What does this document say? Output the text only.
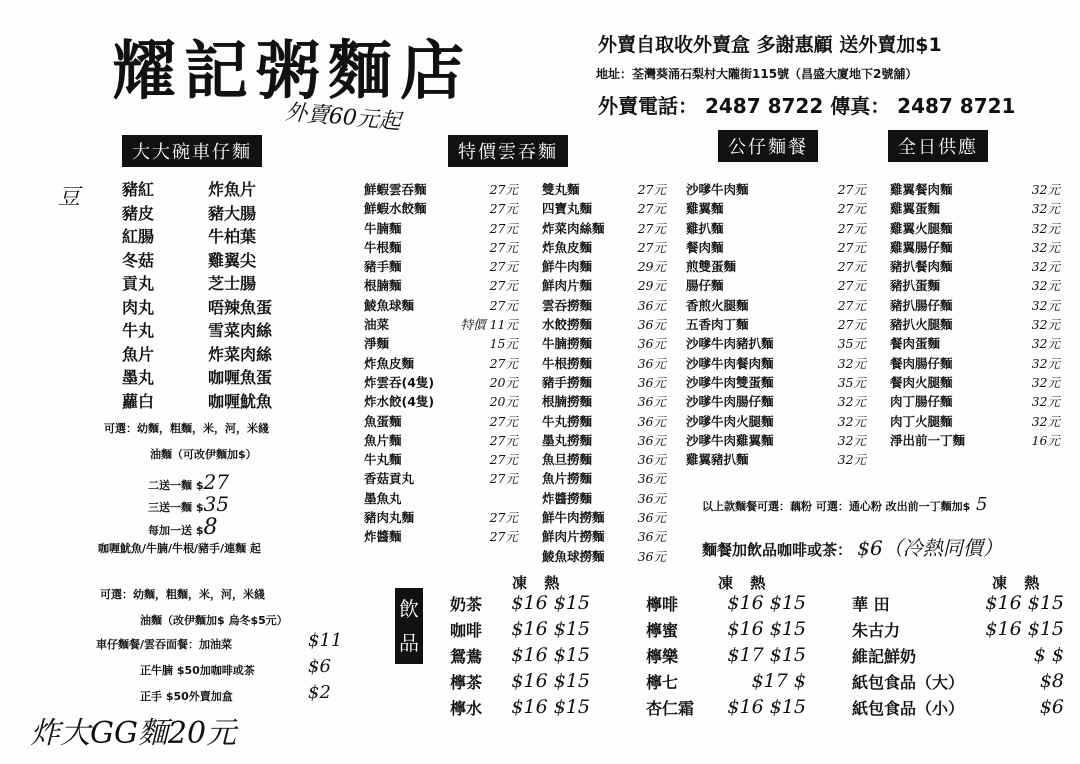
耀記粥麵店	外賣自取收外賣盒 多謝惠顧 送外賣加$1
地址：荃灣葵涌石梨村大隴街115號（昌盛大廈地下2號舖）
外賣電話： 2487 8722 傳真： 2487 8721
外賣60元起
大大碗車仔麵	特價雲吞麵	公仔麵餐	全日供應
豆	豬紅
豬皮
紅腸
冬菇
貢丸
肉丸
牛丸
魚片
墨丸
蘿白
炸魚片
豬大腸
牛柏葉
雞翼尖
芝士腸
唔辣魚蛋
雪菜肉絲
炸菜肉絲
咖喱魚蛋
咖喱魷魚
可選：幼麵，粗麵，米，河，米綫
油麵（可改伊麵加$）
二送一麵 $27
三送一麵 $35
每加一送 $8
咖喱魷魚/牛腩/牛根/豬手/連麵 起
可選：幼麵，粗麵，米，河，米綫
油麵（改伊麵加$ 烏冬$5元）
車仔麵餐/雲吞面餐：加油菜	$11
正牛腩 $50加咖啡或茶	$6
正手 $50外賣加盒	$2
鮮蝦雲吞麵	27元
鮮蝦水餃麵	27元
牛腩麵	27元
牛根麵	27元
豬手麵	27元
根腩麵	27元
鯪魚球麵	27元
油菜	特價 11元
淨麵	15元
炸魚皮麵	27元
炸雲吞(4隻)	20元
炸水餃(4隻)	20元
魚蛋麵	27元
魚片麵	27元
牛丸麵	27元
香菇貢丸	27元
墨魚丸
豬肉丸麵	27元
炸醬麵	27元
雙丸麵	27元
四寶丸麵	27元
炸菜肉絲麵	27元
炸魚皮麵	27元
鮮牛肉麵	29元
鮮肉片麵	29元
雲吞撈麵	36元
水餃撈麵	36元
牛腩撈麵	36元
牛根撈麵	36元
豬手撈麵	36元
根腩撈麵	36元
牛丸撈麵	36元
墨丸撈麵	36元
魚旦撈麵	36元
魚片撈麵	36元
炸醬撈麵	36元
鮮牛肉撈麵	36元
鮮肉片撈麵	36元
鯪魚球撈麵	36元
沙嗲牛肉麵	27元
雞翼麵	27元
雞扒麵	27元
餐肉麵	27元
煎雙蛋麵	27元
腸仔麵	27元
香煎火腿麵	27元
五香肉丁麵	27元
沙嗲牛肉豬扒麵	35元
沙嗲牛肉餐肉麵	32元
沙嗲牛肉雙蛋麵	35元
沙嗲牛肉腸仔麵	32元
沙嗲牛肉火腿麵	32元
沙嗲牛肉雞翼麵	32元
雞翼豬扒麵	32元
雞翼餐肉麵	32元
雞翼蛋麵	32元
雞翼火腿麵	32元
雞翼腸仔麵	32元
豬扒餐肉麵	32元
豬扒蛋麵	32元
豬扒腸仔麵	32元
豬扒火腿麵	32元
餐肉蛋麵	32元
餐肉腸仔麵	32元
餐肉火腿麵	32元
肉丁腸仔麵	32元
肉丁火腿麵	32元
淨出前一丁麵	16元
以上款麵餐可選：藕粉 可選：通心粉 改出前一丁麵加$ 5
麵餐加飲品咖啡或茶： $6（冷熱同價）
飲品
凍 熱	凍 熱	凍 熱
奶茶	$16 $15
咖啡	$16 $15
鴛鴦	$16 $15
檸茶	$16 $15
檸水	$16 $15
檸啡	$16 $15
檸蜜	$16 $15
檸樂	$17 $15
檸七	$17 $
杏仁霜	$16 $15
華 田	$16 $15
朱古力	$16 $15
維記鮮奶	$ $
紙包食品（大）	$8
紙包食品（小）	$6
炸大GG麵20元
